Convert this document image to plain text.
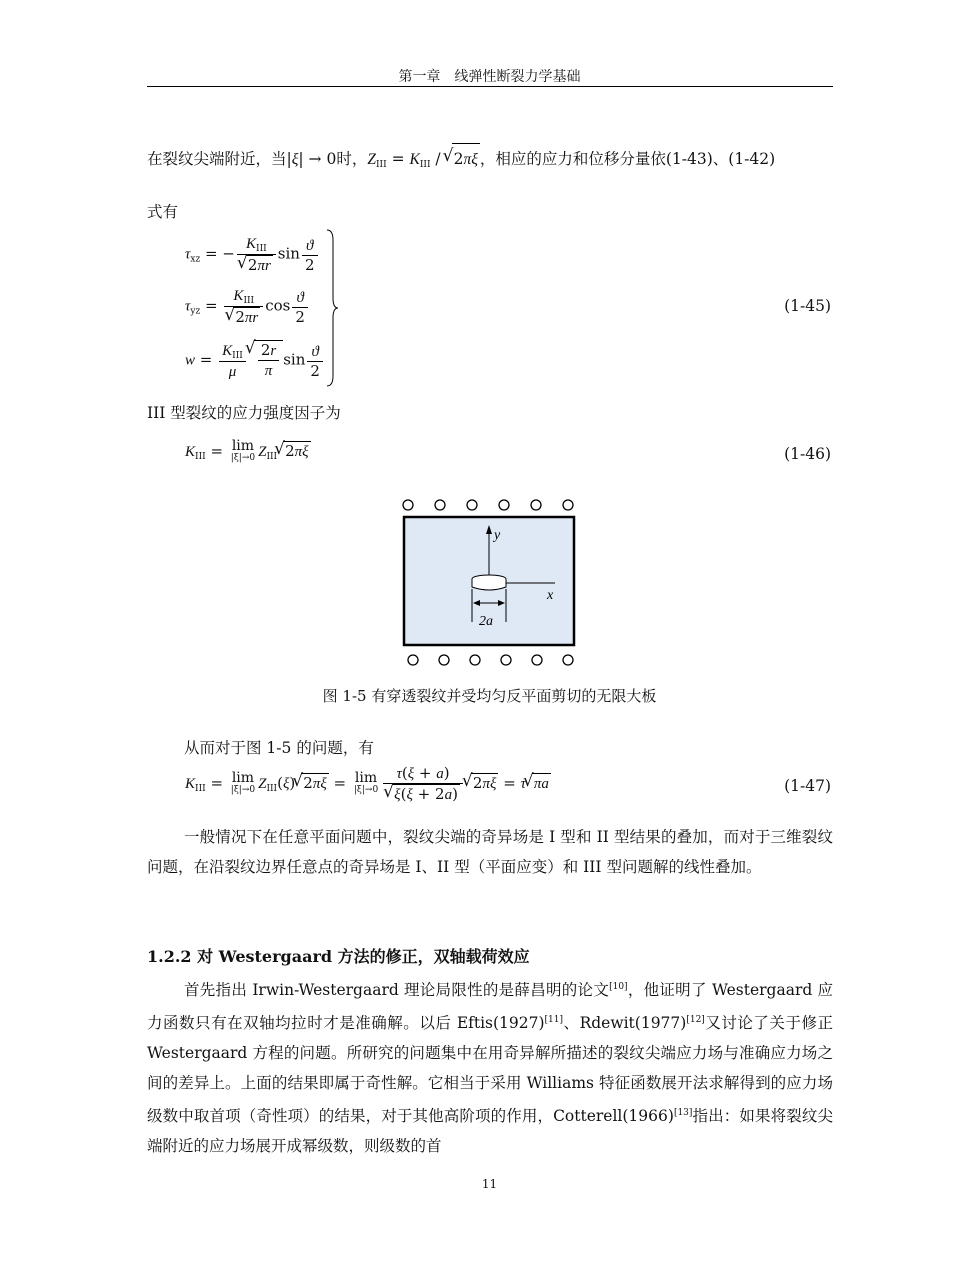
第一章　线弹性断裂力学基础
在裂纹尖端附近，当|ξ| → 0时，$Z_{III} = K_{III}$ / √ 2πξ ，相应的应力和位移分量依(1-43)、(1-42)
式有
$\tau_{xz}$ = − $K_{III}$
√ 2πr $\sin \frac{ϑ}{2}$
$\tau_{yz} = K_{III}$
√ 2πr $\cos \frac{ϑ}{2}$
$w = \frac{K_{III}}{\mu}$
√ $\frac{2r}{\pi}$ $\sin \frac{ϑ}{2}$
(1-45)
III 型裂纹的应力强度因子为
$K_{III} = \lim$
|ξ|→0 $Z_{III}√$ 2πξ	(1-46)
y
x
2a
图 1-5 有穿透裂纹并受均匀反平面剪切的无限大板
从而对于图 1-5 的问题，有
$K_{III} = \lim$
|ξ|→0 $Z_{III}(\xi)√$ 2πξ = lim
|ξ|→0 τ(ξ + a)
√ ξ(ξ + 2a)
√ 2πξ = τ√ πa	(1-47)
一般情况下在任意平面问题中，裂纹尖端的奇异场是 I 型和 II 型结果的叠加，而对于三维裂纹问题，在沿裂纹边界任意点的奇异场是 I、II 型（平面应变）和 III 型问题解的线性叠加。
1.2.2 对 Westergaard 方法的修正，双轴载荷效应
首先指出 Irwin-Westergaard 理论局限性的是薛昌明的论文[10]，他证明了 Westergaard 应力函数只有在双轴均拉时才是准确解。以后 Eftis(1927)[11]、Rdewit(1977)[12]又讨论了关于修正 Westergaard 方程的问题。所研究的问题集中在用奇异解所描述的裂纹尖端应力场与准确应力场之间的差异上。上面的结果即属于奇性解。它相当于采用 Williams 特征函数展开法求解得到的应力场级数中取首项（奇性项）的结果，对于其他高阶项的作用，Cotterell(1966)[13]指出：如果将裂纹尖端附近的应力场展开成幂级数，则级数的首
11
